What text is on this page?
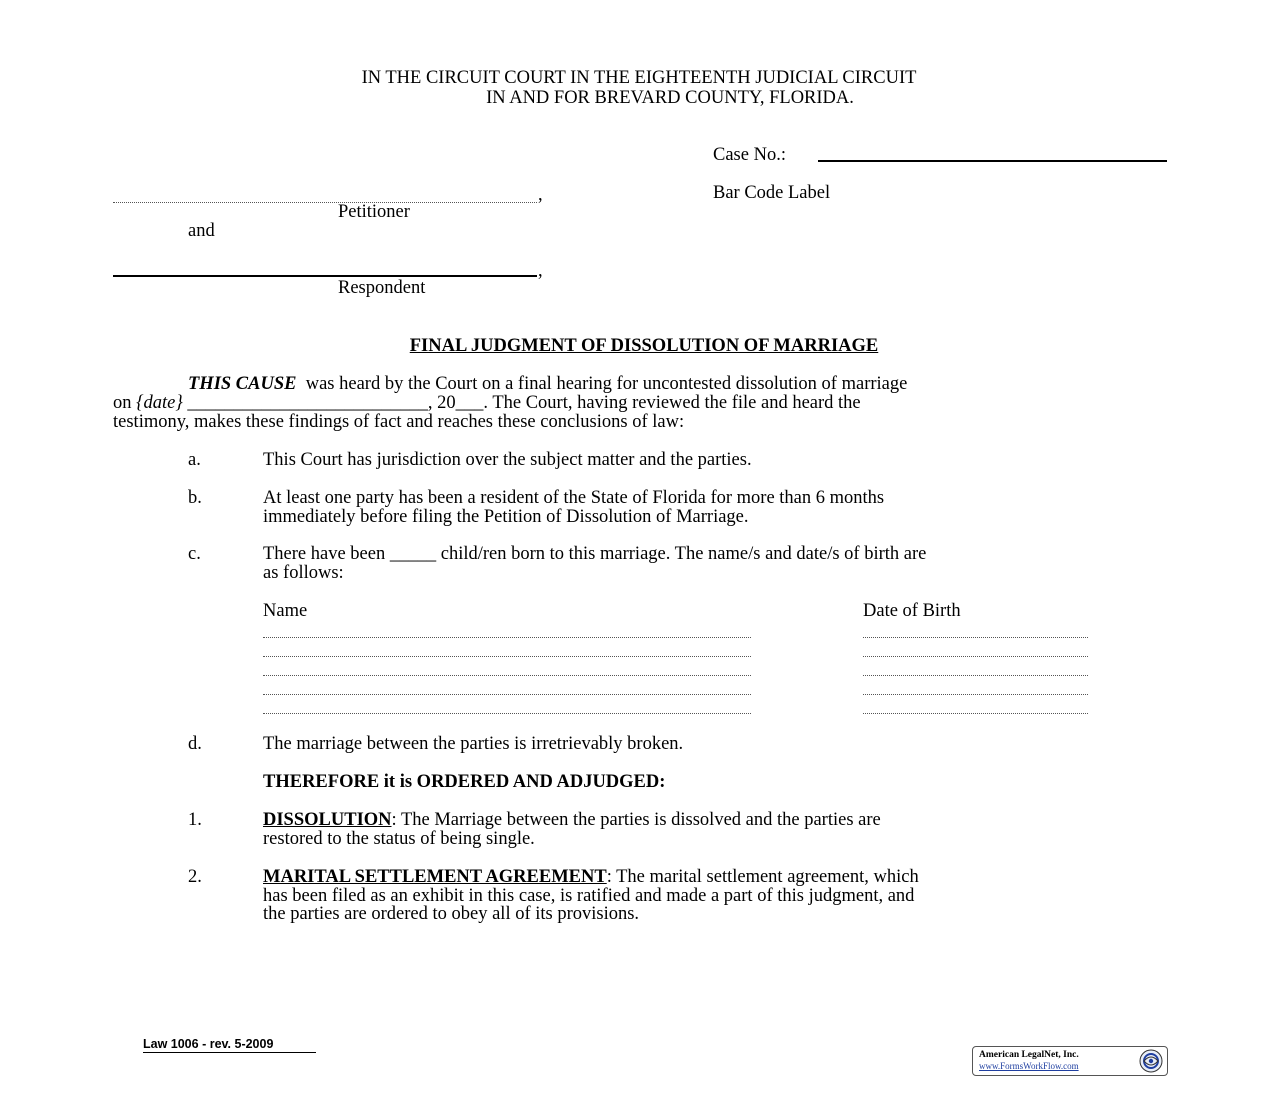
IN THE CIRCUIT COURT IN THE EIGHTEENTH JUDICIAL CIRCUIT
IN AND FOR BREVARD COUNTY, FLORIDA.
Case No.:
Bar Code Label
,
Petitioner
and
,
Respondent
FINAL JUDGMENT OF DISSOLUTION OF MARRIAGE
THIS CAUSE was heard by the Court on a final hearing for uncontested dissolution of marriage
on {date} __________________________, 20___. The Court, having reviewed the file and heard the
testimony, makes these findings of fact and reaches these conclusions of law:
a.	This Court has jurisdiction over the subject matter and the parties.
b.	At least one party has been a resident of the State of Florida for more than 6 months
immediately before filing the Petition of Dissolution of Marriage.
c.	There have been _____ child/ren born to this marriage. The name/s and date/s of birth are
as follows:
Name	Date of Birth
d.	The marriage between the parties is irretrievably broken.
THEREFORE it is ORDERED AND ADJUDGED:
1.	DISSOLUTION: The Marriage between the parties is dissolved and the parties are
restored to the status of being single.
2.	MARITAL SETTLEMENT AGREEMENT: The marital settlement agreement, which
has been filed as an exhibit in this case, is ratified and made a part of this judgment, and
the parties are ordered to obey all of its provisions.
Law 1006 - rev. 5-2009
American LegalNet, Inc.
www.FormsWorkFlow.com
